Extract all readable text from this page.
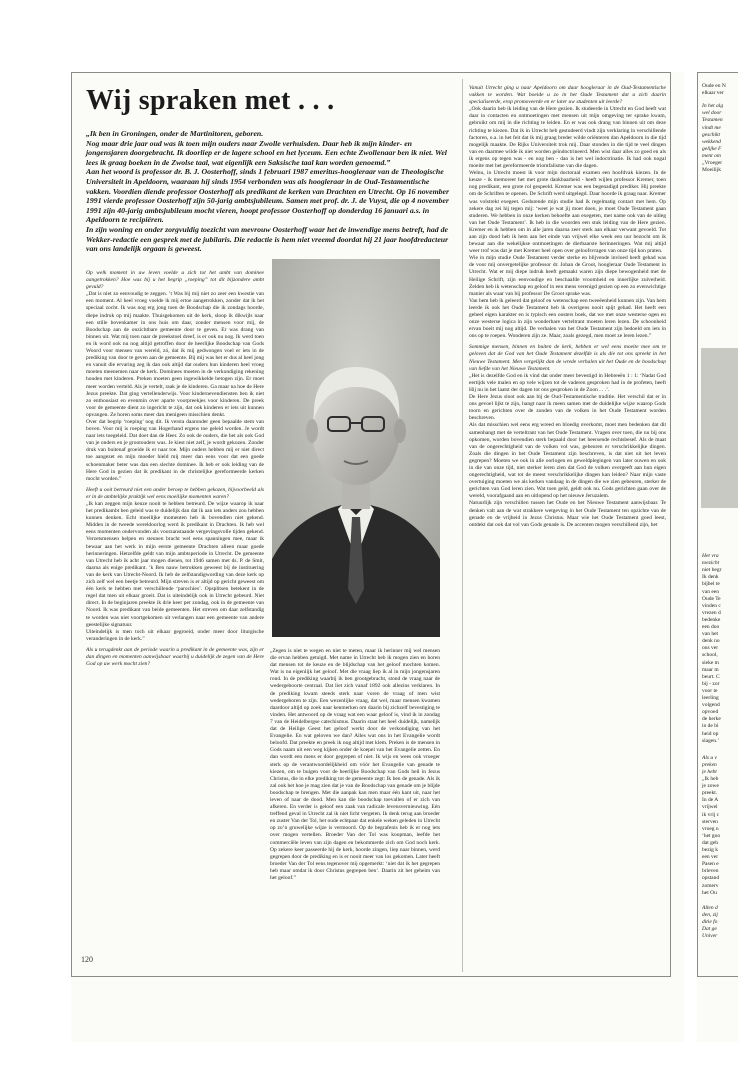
Wij spraken met . . .

„Ik ben in Groningen, onder de Martinitoren, geboren.

Nog maar drie jaar oud was ik toen mijn ouders naar Zwolle verhuisden. Daar heb ik mijn kinder- en jongensjaren doorgebracht. Ik doorliep er de lagere school en het lyceum. Een echte Zwollenaar ben ik niet. Wel lees ik graag boeken in de Zwolse taal, wat eigenlijk een Saksische taal kan worden genoemd.”

Aan het woord is professor dr. B. J. Oosterhoff, sinds 1 februari 1987 emeritus-hoogleraar van de Theologische Universiteit in Apeldoorn, waaraan hij sinds 1954 verbonden was als hoogleraar in de Oud-Testamentische vakken. Voordien diende professor Oosterhoff als predikant de kerken van Drachten en Utrecht. Op 16 november 1991 vierde professor Oosterhoff zijn 50-jarig ambtsjubileum. Samen met prof. dr. J. de Vuyst, die op 4 november 1991 zijn 40-jarig ambtsjubileum mocht vieren, hoopt professor Oosterhoff op donderdag 16 januari a.s. in Apeldoorn te recipiëren.

In zijn woning en onder zorgvuldig toezicht van mevrouw Oosterhoff waar het de inwendige mens betreft, had de Wekker-redactie een gesprek met de jubilaris. Die redactie is hem niet vreemd doordat hij 21 jaar hoofdredacteur van ons landelijk orgaan is geweest.

Op welk moment in uw leven voelde u zich tot het ambt van dominee aangetrokken? Hoe was bij u het begrip „roeping” tot dit bijzondere ambt gevuld?

„Dat is niet zo eenvoudig te zeggen. ’t Was bij mij niet zo zeer een kwestie van een moment. Al heel vroeg voelde ik mij ertoe aangetrokken, zonder dat ik het speciaal zocht. Ik was nog erg jong toen de Boodschap die ik zondags hoorde, diepe indruk op mij maakte. Thuisgekomen uit de kerk, sloop ik dikwijls naar een stille bovenkamer in ons huis om daar, zonder mensen voor mij, de Boodschap aan de onzichtbare gemeente door te geven. Er was drang van binnen uit. Wat mij toen naar de preekstoel dreef, is er ook nu nog. Ik werd toen en ik word ook nu nog altijd getroffen door de heerlijke Boodschap van Gods Woord voor mensen van wereld, zó, dat ik mij gedwongen voel er iets in de prediking van door te geven aan de gemeente. Bij mij was het er dus al heel jong en vanuit die ervaring zeg ik dan ook altijd dat ouders hun kinderen heel vroeg moeten meenemen naar de kerk. Dominees moeten in de verkondiging rekening houden met kinderen. Preken moeten geen ingewikkelde betogen zijn. Er moet meer worden verteld. Als je vertelt, raak je de kinderen. Ga maar na hoe de Here Jezus preekte. Dat ging vertellenderwijs. Voor kindernevendiensten ben ik niet zo enthousiast en evenmin over aparte voorpreekjes voor kinderen. De preek voor de gemeente dient zo ingericht te zijn, dat ook kinderen er iets uit kunnen opvangen. Ze horen soms meer dan menigeen misschien denkt.

Over dat begrip ‘roeping’ nog dit. Ik versta daaronder geen bepaalde stem van boven. Voor mij is roeping van Hogerhand ergens toe geleid worden. Je wordt naar iets toegeleid. Dat doet dan de Heer. Zo ook de ouders, die het als ook God van je onders en je grootouders was. Je kiest niet zelf, je wordt gekozen. Zonder druk van buitenaf groeide ik er naar toe. Mijn ouders hebben mij er niet direct toe aangezet en mijn moeder hield mij meer dan eens voor dat een goede schoenmaker beter was dan een slechte dominee. Ik heb er ook leiding van de Here God in gezien dat ik predikant in de christelijke gereformeerde kerken mocht worden.”

Heeft u ooit betreurd niet een ander beroep te hebben gekozen, bijvoorbeeld als er in de ambtelijke praktijk wel eens moeilijke momenten waren?

„Ik kan zeggen mijn keuze nooit te hebben betreurd. De wijze waarop ik naar het predikambt ben geleid was te duidelijk dan dat ik aan iets anders zou hebben kunnen denken. Echt moeilijke momenten heb ik bovendien niet gekend. Midden in de tweede wereldoorlog werd ik predikant in Drachten. Ik heb wel eens momenten ondervonden als voorzanstaande vergevingsvolle tijden gekend. Verzetsmensen helpen en steunen bracht wel eens spanningen mee, maar ik bewaar aan het werk in mijn eerste gemeente Drachten alleen maar goede herinneringen. Hetzelfde geldt van mijn ambtsperiode in Utrecht. De gemeente van Utrecht heb ik acht jaar mogen dienen, tot 1946 samen met ds. P. de Smit, daarna als enige predikant. ’k Ben nauw betrokken geweest bij de instituering van de kerk van Utrecht-Noord. Ik heb de zelfstandigwording van deze kerk op zich zelf wel een beetje betreurd. Mijn streven is er altijd op gericht geweest om één kerk te hebben met verschillende ‘parochies’. Opsplitsen betekent in de regel dat men uit elkaar groeit. Dat is uiteindelijk ook in Utrecht gebeurd. Niet direct. In de beginjaren preekte ik drie keer per zondag, ook in de gemeente van Noord. Ik was predikant van beide gemeenten. Het streven om daar zelfstandig te worden was niet voortgekomen uit verlangen naar een gemeente van andere geestelijke signatuur.

Uiteindelijk is men toch uit elkaar gegroeid, onder meer door liturgische veranderingen in de kerk.”

Als u terugdenkt aan de periode waarin u predikant in de gemeente was, zijn er dan dingen en momenten aanwijsbaar waarbij u duidelijk de zegen van de Here God op uw werk mocht zien?

„Zegen is niet te wegen en niet te meten, maar ik herinner mij wel mensen die ervan hebben getuigd. Met name in Utrecht heb ik mogen zien en horen dat mensen tot de keuze en de blijdschap van het geloof mochten komen. Wat is nu eigenlijk het geloof. Met die vraag liep ik al in mijn jongensjaren rond. In de prediking waarbij ik ben grootgebracht, stond de vraag naar de wedergeboorte centraal. Dat liet zich vanaf 1892 ook allezins verklaren. In de prediking kwam steeds sterk naar voren de vraag of men wist wedergeboren te zijn. Een wezenlijke vraag, dat wel, maar mensen kwamen daardoor altijd op zoek naar kenmerken om daarin bij zichzelf bevestiging te vinden. Het antwoord op de vraag wat een waar geloof is, vind ik in zondag 7 van de Heidelbergse catechismus. Daarin staat het heel duidelijk, namelijk dat de Heilige Geest het geloof werkt door de verkondiging van het Evangelie. En wat geloven we dan? Alles wat ons in het Evangelie wordt beloofd. Dat preekte en preek ik nog altijd met klem. Preken is de mensen in Gods naam uit een weg kijken onder de koepel van het Evangelie zetten. En dan wordt een mens er door gegrepen of niet. Ik wijs en wees ook vroeger sterk op de verantwoordelijkheid om vóór het Evangelie van genade te kiezen, om te buigen voor de heerlijke Boodschap van Gods heil in Jezus Christus, die in elke prediking tot de gemeente zegt: Ik ben de genade. Als ik zal ook het hoe je mag zien dat je van de Boodschap van genade om je blijde boodschap te brengen. Met die aanpak kan men maar één kant uit, naar het leven of naar de dood. Men kan die boodschap toevallen of er zich van afkeren. En verder is geloof een zaak van radicale levensvernieuwing. Eén treffend geval in Utrecht zal ik niet licht vergeten. Ik denk terug aan broeder en zuster Van der Tol, het oude echtpaar dat enkele weken geleden in Utrecht op zo’n gruwelijke wijze is vermoord. Op de begrafenis heb ik er nog iets over mogen vertellen. Broeder Van der Tol was koopman, leefde het commerciële leven van zijn dagen en bekommerde zich om God noch kerk. Op zekere keer passeerde hij de kerk, hoorde zingen, liep naar binnen, werd gegrepen door de prediking en is er nooit meer van los gekomen. Later heeft broeder Van der Tol eens tegenover mij opgemerkt: ‘niet dat ik het gegrepen heb maar omdat ik door Christus gegrepen ben’. Daarin zit het geheim van het geloof.”

Vanuit Utrecht ging u naar Apeldoorn om daar hoogleraar in de Oud-Testamentische vakken te worden. Wat boeide u zo in het Oude Testament dat u zich daarin specialiseerde, erop promoveerde en er later uw studenten uit leerde?

„Ook daarin heb ik leiding van de Here gezien. Ik studeerde in Utrecht en God heeft wat daar in contacten en ontmoetingen met mensen uit mijn omgeving ter sprake kwam, gebruikt om mij in die richting te leiden. En er was ook drang van binnen uit om deze richting te kiezen. Dat ik in Utrecht heb gestudeerd vindt zijn verklaring in verschillende factoren, o.a. in het feit dat ik mij graag breder wilde oriënteren dan Apeldoorn in die tijd mogelijk maakte. De Rijks Universiteit trok mij. Daar stonden in die tijd te veel dingen van en daarmee wilde ik niet worden geïndoctrineerd. Men wist daar alles zo goed en als ik ergens op tegen was - en nog ben - dan is het wel indoctrinatie. Ik had ook nogal moeite met het gereformeerde triomfalisme van die dagen.

Welnu, in Utrecht moest ik voor mijn doctoraal examen een hoofdvak kiezen. In de keuze - ik memoreer het met grote dankbaarheid - heeft wijlen professor Kremer, toen nog predikant, een grote rol gespeeld. Kremer was een begenadigd prediker. Hij preekte om de Schriften te openen. De Schrift werd uitgelegd. Daar hoorde ik graag naar. Kremer was volstrekt exegeet. Gedurende mijn studie had ik regelmatig contact met hem. Op zekere dag zei hij tegen mij: ‘weet je wat jij moet doen, je moet Oude Testament gaan studeren. We hebben in onze kerken behoefte aan exegeten, met name ook van de uitleg van het Oude Testament’. Ik heb in die woorden een stuk leiding van de Here gezien. Kremer en ik hebben om in alle jaren daarna zeer sterk aan elkaar verwant gevoeld. Tot aan zijn dood heb ik hem aan het einde van vrijwel elke week een uur bezocht om ik bewaar aan die wekelijkse ontmoetingen de dierbaarste herinneringen. Wat mij altijd weer trof was dat je met Kremer heel open over geloofsvragen van onze tijd kon praten.

Wie in mijn studie Oude Testament verder sterke en blijvende invloed heeft gehad was de voor mij onvergetelijke professor dr. Johan de Groot, hoogleraar Oude Testament in Utrecht. Wat er mij diepe indruk heeft gemaakt waren zijn diepe bewogenheid met de Heilige Schrift, zijn eenvoudige en beschaafde vroomheid en innerlijke zuiverheid. Zelden heb ik wetenschap en geloof in een mens verenigd gezien op een zo evenwichtige manier als waar van bij professor De Groot sprake was.

Van hem heb ik geleerd dat geloof en wetenschap een tweeëenheid kunnen zijn. Van hem leerde ik ook het Oude Testament heb ik overigens nooit spijt gehad. Het heeft een geheel eigen karakter en is typisch een oosters boek, dat we met onze westerse ogen en onze westerse logica in zijn wonderbare verteltrant moeten leren lezen. De schoonheid ervan boeit mij nog altijd. De verhalen van het Oude Testament zijn bedoeld om iets in ons op te roepen. Wonderen zijn ze. Maar, zoals gezegd, men moet ze leren lezen.”

Sommige mensen, binnen en buiten de kerk, hebben er wel eens moeite mee om te geloven dat de God van het Oude Testament dezelfde is als die tot ons spreekt in het Nieuwe Testament. Men vergelijkt dan de wrede verhalen uit het Oude en de boodschap van liefde van het Nieuwe Testament.

„Het is dezelfde God en ik vind dat onder meer bevestigd in Hebreeën 1 : 1: ‘Nadat God eertijds vele malen en op vele wijzen tot de vaderen gesproken had in de profeten, heeft Hij nu in het laatst der dagen tot ons gesproken in de Zoon . . .’.

De Here Jezus sloot ook aan bij de Oud-Testamentische traditie. Het verschil dat er in ons gevoel lijkt te zijn, hangt naar ik meen samen met de duidelijke wijze waarop Gods toorn en gerichten over de zonden van de volken in het Oude Testament worden beschreven.

Als dat misschien wel eens erg wreed en bloedig overkomt, moet men bedenken dat dit samenhangt met de verteltrant van het Oude Testament. Vragen over toen, die nu bij ons opkomen, worden bovendien sterk bepaald door het heersende rechtsbesef. Als de maat van de ongerechtigheid van de volken vol was, gebeuren er verschrikkelijke dingen. Zoals die dingen in het Oude Testament zijn beschreven, is dat niet uit het leven gegrepen? Moeten we ook in alle oorlogen en geweldplegingen van later ouwen en ook in die van onze tijd, niet sterker leren zien dat God de volken overgeeft aan hun eigen ongerechtigheid, wat tot de meest verschrikkelijke dingen kan leiden? Naar mijn vaste overtuiging moeten we als kerken vandaag in de dingen die we zien gebeuren, sterker de gerichten van God leren zien. Wat toen geld, geldt ook nu. Gods gerichten gaan over de wereld, voorafgaand aan en uitlopend op het nieuwe Jeruzalem.

Natuurlijk zijn verschillen tussen het Oude en het Nieuwe Testament aanwijsbaar. Te denken valt aan de wat strakkere wetgeving in het Oude Testament ten opzichte van de genade en de vrijheid in Jezus Christus. Maar wie het Oude Testament goed leest, ontdekt dat ook dat vol van Gods genade is. De accenten mogen verschillend zijn, het

120
Oude en N
elkaar ver
In het alg
wel door
Testamen
vindt me
geschikt
wekkend
gelijke F
ment om
„Vroeger
Moeilijk
Het vra
toezicht
niet begr
Ik denk
bijbel te
van een
Oude Te
vinden c
vrezen d
bedenke
een doo
van het
denk no
ons ver
school,
sieke m
maar m
beurt. C
bij - zor
voor te
leerling
volgend
opvoed
de herke
in de bi
heid op
slagen.’
Als u v
preken
je hebt
„Ik heb
je zowe
preekt.
In de A
vrijwel
ik vrij c
sterven
vroeg n
‘het goo
dat geh
bezig k
een ver
Pasen e
brieven
opstand
zomerv
het Ou
Allen d
den, zij
ditie fo
Dat ge
Univer
